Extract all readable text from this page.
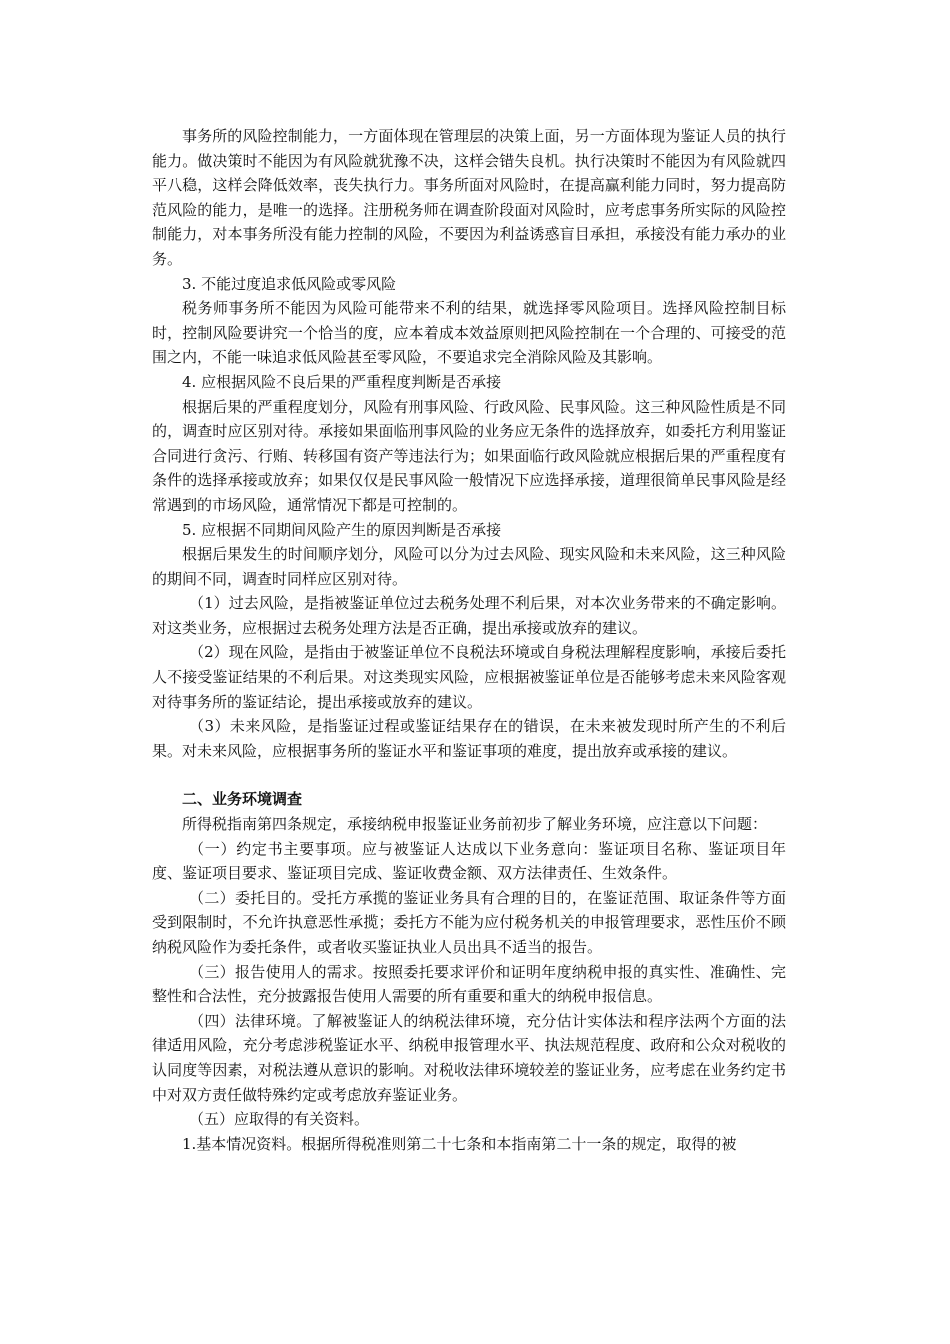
事务所的风险控制能力，一方面体现在管理层的决策上面，另一方面体现为鉴证人员的执行能力。做决策时不能因为有风险就犹豫不决，这样会错失良机。执行决策时不能因为有风险就四平八稳，这样会降低效率，丧失执行力。事务所面对风险时，在提高赢利能力同时，努力提高防范风险的能力，是唯一的选择。注册税务师在调查阶段面对风险时，应考虑事务所实际的风险控制能力，对本事务所没有能力控制的风险，不要因为利益诱惑盲目承担，承接没有能力承办的业务。

3. 不能过度追求低风险或零风险

税务师事务所不能因为风险可能带来不利的结果，就选择零风险项目。选择风险控制目标时，控制风险要讲究一个恰当的度，应本着成本效益原则把风险控制在一个合理的、可接受的范围之内，不能一味追求低风险甚至零风险，不要追求完全消除风险及其影响。

4. 应根据风险不良后果的严重程度判断是否承接

根据后果的严重程度划分，风险有刑事风险、行政风险、民事风险。这三种风险性质是不同的，调查时应区别对待。承接如果面临刑事风险的业务应无条件的选择放弃，如委托方利用鉴证合同进行贪污、行贿、转移国有资产等违法行为；如果面临行政风险就应根据后果的严重程度有条件的选择承接或放弃；如果仅仅是民事风险一般情况下应选择承接，道理很简单民事风险是经常遇到的市场风险，通常情况下都是可控制的。

5. 应根据不同期间风险产生的原因判断是否承接

根据后果发生的时间顺序划分，风险可以分为过去风险、现实风险和未来风险，这三种风险的期间不同，调查时同样应区别对待。

（1）过去风险，是指被鉴证单位过去税务处理不利后果，对本次业务带来的不确定影响。对这类业务，应根据过去税务处理方法是否正确，提出承接或放弃的建议。

（2）现在风险，是指由于被鉴证单位不良税法环境或自身税法理解程度影响，承接后委托人不接受鉴证结果的不利后果。对这类现实风险，应根据被鉴证单位是否能够考虑未来风险客观对待事务所的鉴证结论，提出承接或放弃的建议。

（3）未来风险，是指鉴证过程或鉴证结果存在的错误，在未来被发现时所产生的不利后果。对未来风险，应根据事务所的鉴证水平和鉴证事项的难度，提出放弃或承接的建议。

二、业务环境调查

所得税指南第四条规定，承接纳税申报鉴证业务前初步了解业务环境，应注意以下问题：

（一）约定书主要事项。应与被鉴证人达成以下业务意向：鉴证项目名称、鉴证项目年度、鉴证项目要求、鉴证项目完成、鉴证收费金额、双方法律责任、生效条件。

（二）委托目的。受托方承揽的鉴证业务具有合理的目的，在鉴证范围、取证条件等方面受到限制时，不允许执意恶性承揽；委托方不能为应付税务机关的申报管理要求，恶性压价不顾纳税风险作为委托条件，或者收买鉴证执业人员出具不适当的报告。

（三）报告使用人的需求。按照委托要求评价和证明年度纳税申报的真实性、准确性、完整性和合法性，充分披露报告使用人需要的所有重要和重大的纳税申报信息。

（四）法律环境。了解被鉴证人的纳税法律环境，充分估计实体法和程序法两个方面的法律适用风险，充分考虑涉税鉴证水平、纳税申报管理水平、执法规范程度、政府和公众对税收的认同度等因素，对税法遵从意识的影响。对税收法律环境较差的鉴证业务，应考虑在业务约定书中对双方责任做特殊约定或考虑放弃鉴证业务。

（五）应取得的有关资料。

1.基本情况资料。根据所得税准则第二十七条和本指南第二十一条的规定，取得的被
